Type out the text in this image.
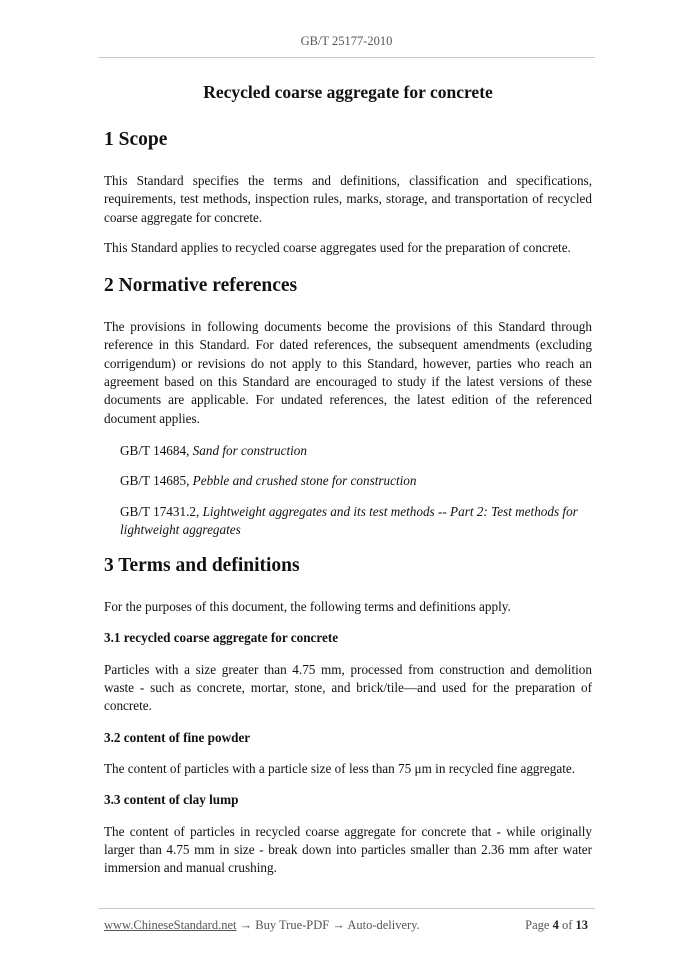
GB/T 25177-2010
Recycled coarse aggregate for concrete
1 Scope

This Standard specifies the terms and definitions, classification and specifications, requirements, test methods, inspection rules, marks, storage, and transportation of recycled coarse aggregate for concrete.

This Standard applies to recycled coarse aggregates used for the preparation of concrete.

2 Normative references

The provisions in following documents become the provisions of this Standard through reference in this Standard. For dated references, the subsequent amendments (excluding corrigendum) or revisions do not apply to this Standard, however, parties who reach an agreement based on this Standard are encouraged to study if the latest versions of these documents are applicable. For undated references, the latest edition of the referenced document applies.

GB/T 14684, Sand for construction

GB/T 14685, Pebble and crushed stone for construction

GB/T 17431.2, Lightweight aggregates and its test methods -- Part 2: Test methods for lightweight aggregates

3 Terms and definitions

For the purposes of this document, the following terms and definitions apply.

3.1 recycled coarse aggregate for concrete

Particles with a size greater than 4.75 mm, processed from construction and demolition waste - such as concrete, mortar, stone, and brick/tile—and used for the preparation of concrete.

3.2 content of fine powder

The content of particles with a particle size of less than 75 μm in recycled fine aggregate.

3.3 content of clay lump

The content of particles in recycled coarse aggregate for concrete that - while originally larger than 4.75 mm in size - break down into particles smaller than 2.36 mm after water immersion and manual crushing.

www.ChineseStandard.net → Buy True-PDF → Auto-delivery.	Page 4 of 13
